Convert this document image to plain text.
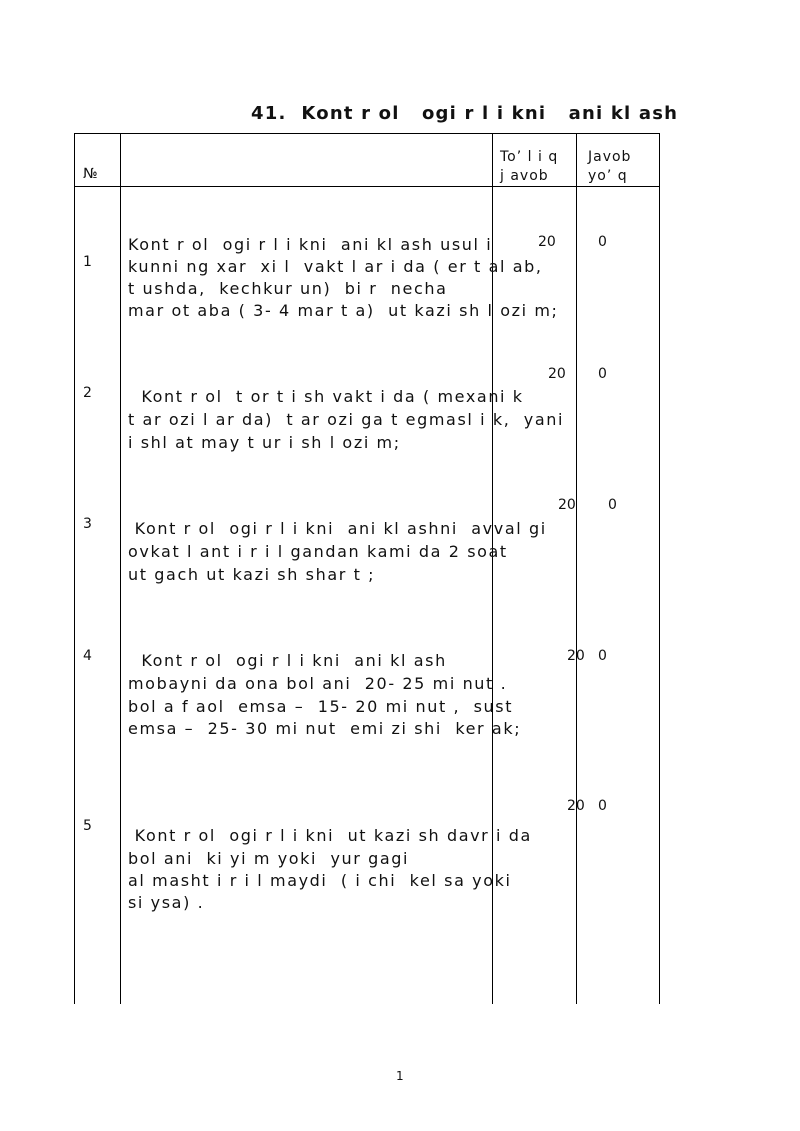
41.  Kont r ol   ogi r l i kni   ani kl ash
№
To’ l i q
j avob
Javob
yo’ q
1
Kont r ol  ogi r l i kni  ani kl ash usul i
kunni ng xar  xi l  vakt l ar i da ( er t al ab,
t ushda,  kechkur un)  bi r  necha
mar ot aba ( 3- 4 mar t a)  ut kazi sh l ozi m;
20	0
2 Kont r ol  t or t i sh vakt i da ( mexani k
t ar ozi l ar da)  t ar ozi ga t egmasl i k,  yani
i shl at may t ur i sh l ozi m;
20 0
3 Kont r ol  ogi r l i kni  ani kl ashni  avval gi
ovkat l ant i r i l gandan kami da 2 soat
ut gach ut kazi sh shar t ;
20 0
4 Kont r ol  ogi r l i kni  ani kl ash
mobayni da ona bol ani  20- 25 mi nut .
bol a f aol  emsa –  15- 20 mi nut ,  sust
emsa –  25- 30 mi nut  emi zi shi  ker ak;
20 0
5 Kont r ol  ogi r l i kni  ut kazi sh davr i da
bol ani  ki yi m yoki  yur gagi
al masht i r i l maydi  ( i chi  kel sa yoki
si ysa) .
20 0
1
